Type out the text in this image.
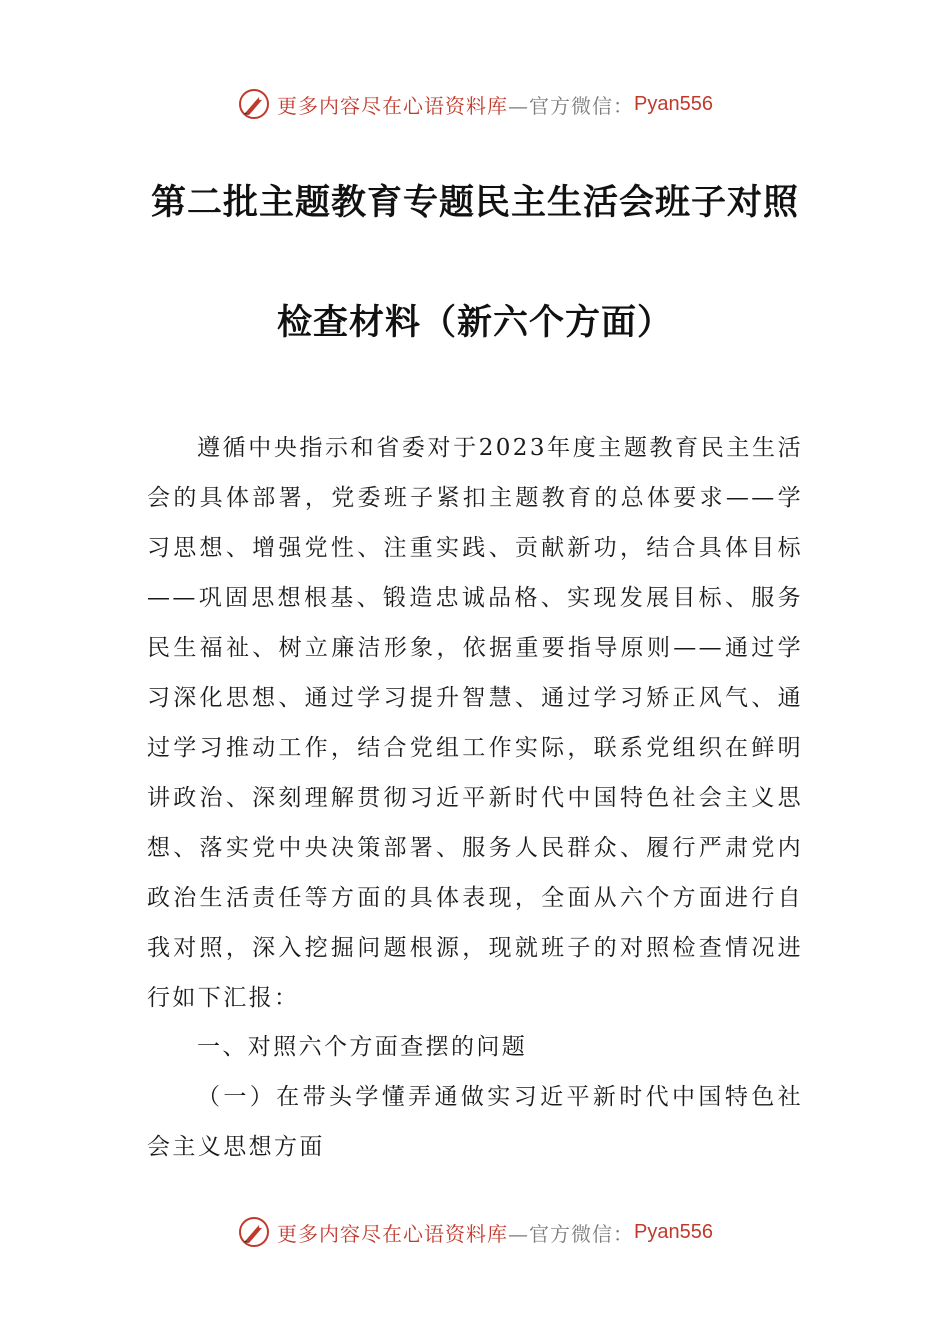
更多内容尽在心语资料库 —官方微信： Pyan556
第二批主题教育专题民主生活会班子对照
检查材料（新六个方面）

遵循中央指示和省委对于2023年度主题教育民主生活会的具体部署，党委班子紧扣主题教育的总体要求——学习思想、增强党性、注重实践、贡献新功，结合具体目标——巩固思想根基、锻造忠诚品格、实现发展目标、服务民生福祉、树立廉洁形象，依据重要指导原则——通过学习深化思想、通过学习提升智慧、通过学习矫正风气、通过学习推动工作，结合党组工作实际，联系党组织在鲜明讲政治、深刻理解贯彻习近平新时代中国特色社会主义思想、落实党中央决策部署、服务人民群众、履行严肃党内政治生活责任等方面的具体表现，全面从六个方面进行自我对照，深入挖掘问题根源，现就班子的对照检查情况进行如下汇报：

一、对照六个方面查摆的问题

（一）在带头学懂弄通做实习近平新时代中国特色社会主义思想方面

更多内容尽在心语资料库 —官方微信： Pyan556
